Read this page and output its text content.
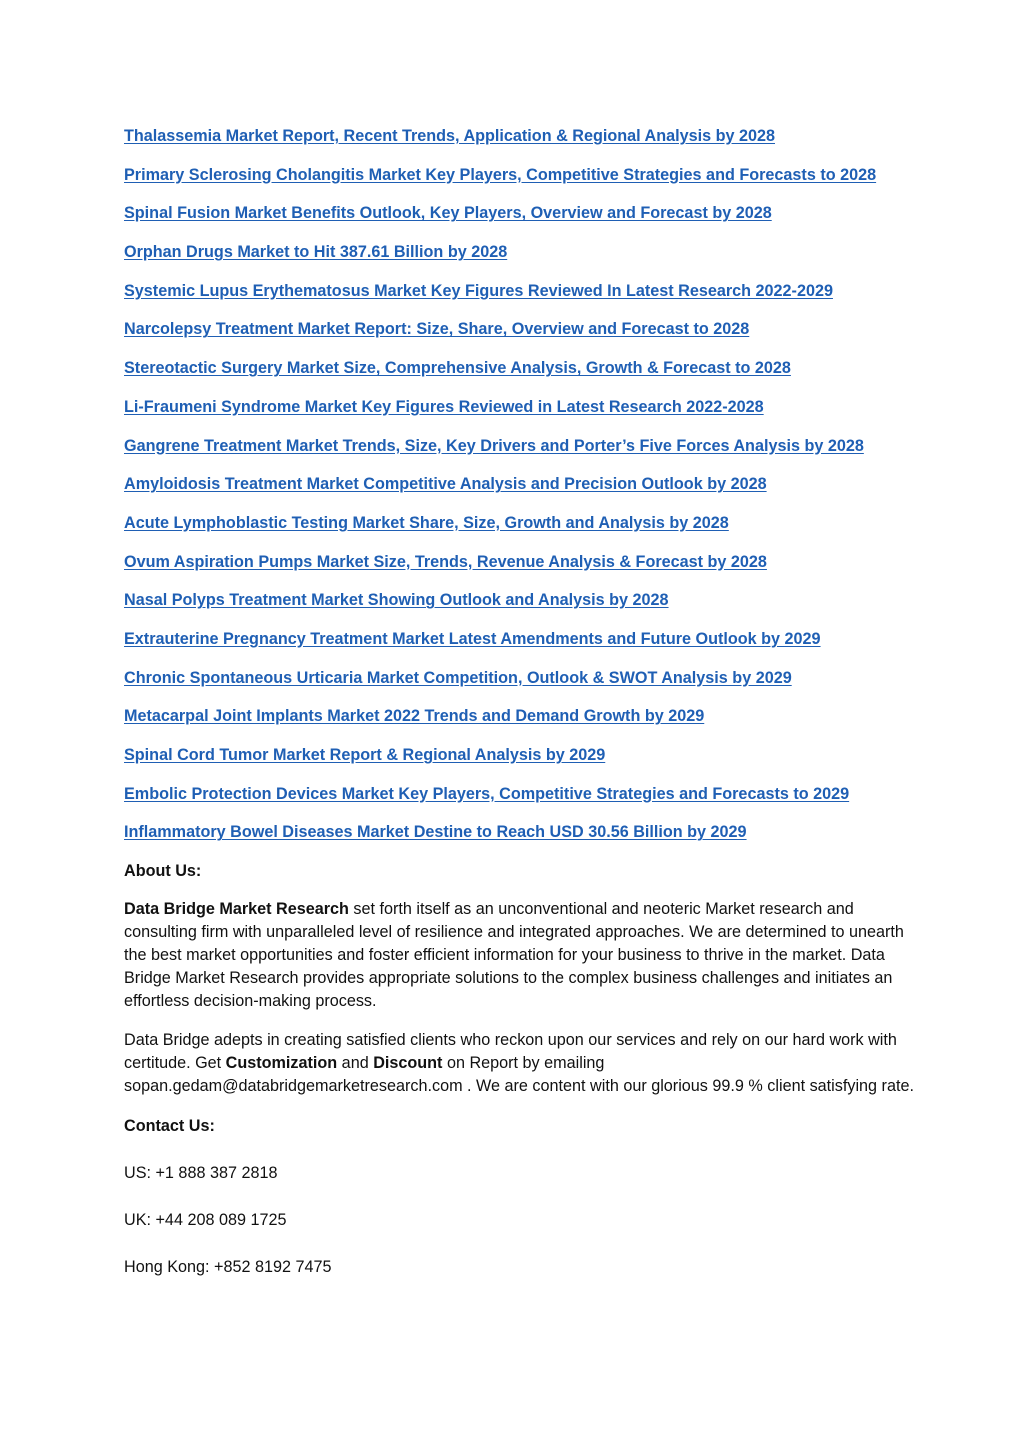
Thalassemia Market Report, Recent Trends, Application & Regional Analysis by 2028
Primary Sclerosing Cholangitis Market Key Players, Competitive Strategies and Forecasts to 2028
Spinal Fusion Market Benefits Outlook, Key Players, Overview and Forecast by 2028
Orphan Drugs Market to Hit 387.61 Billion by 2028
Systemic Lupus Erythematosus Market Key Figures Reviewed In Latest Research 2022-2029
Narcolepsy Treatment Market Report: Size, Share, Overview and Forecast to 2028
Stereotactic Surgery Market Size, Comprehensive Analysis, Growth & Forecast to 2028
Li-Fraumeni Syndrome Market Key Figures Reviewed in Latest Research 2022-2028
Gangrene Treatment Market Trends, Size, Key Drivers and Porter’s Five Forces Analysis by 2028
Amyloidosis Treatment Market Competitive Analysis and Precision Outlook by 2028
Acute Lymphoblastic Testing Market Share, Size, Growth and Analysis by 2028
Ovum Aspiration Pumps Market Size, Trends, Revenue Analysis & Forecast by 2028
Nasal Polyps Treatment Market Showing Outlook and Analysis by 2028
Extrauterine Pregnancy Treatment Market Latest Amendments and Future Outlook by 2029
Chronic Spontaneous Urticaria Market Competition, Outlook & SWOT Analysis by 2029
Metacarpal Joint Implants Market 2022 Trends and Demand Growth by 2029
Spinal Cord Tumor Market Report & Regional Analysis by 2029
Embolic Protection Devices Market Key Players, Competitive Strategies and Forecasts to 2029
Inflammatory Bowel Diseases Market Destine to Reach USD 30.56 Billion by 2029

About Us:

Data Bridge Market Research set forth itself as an unconventional and neoteric Market research and consulting firm with unparalleled level of resilience and integrated approaches. We are determined to unearth the best market opportunities and foster efficient information for your business to thrive in the market. Data Bridge Market Research provides appropriate solutions to the complex business challenges and initiates an effortless decision-making process.

Data Bridge adepts in creating satisfied clients who reckon upon our services and rely on our hard work with certitude. Get Customization and Discount on Report by emailing sopan.gedam@databridgemarketresearch.com . We are content with our glorious 99.9 % client satisfying rate.

Contact Us:

US: +1 888 387 2818

UK: +44 208 089 1725

Hong Kong: +852 8192 7475
